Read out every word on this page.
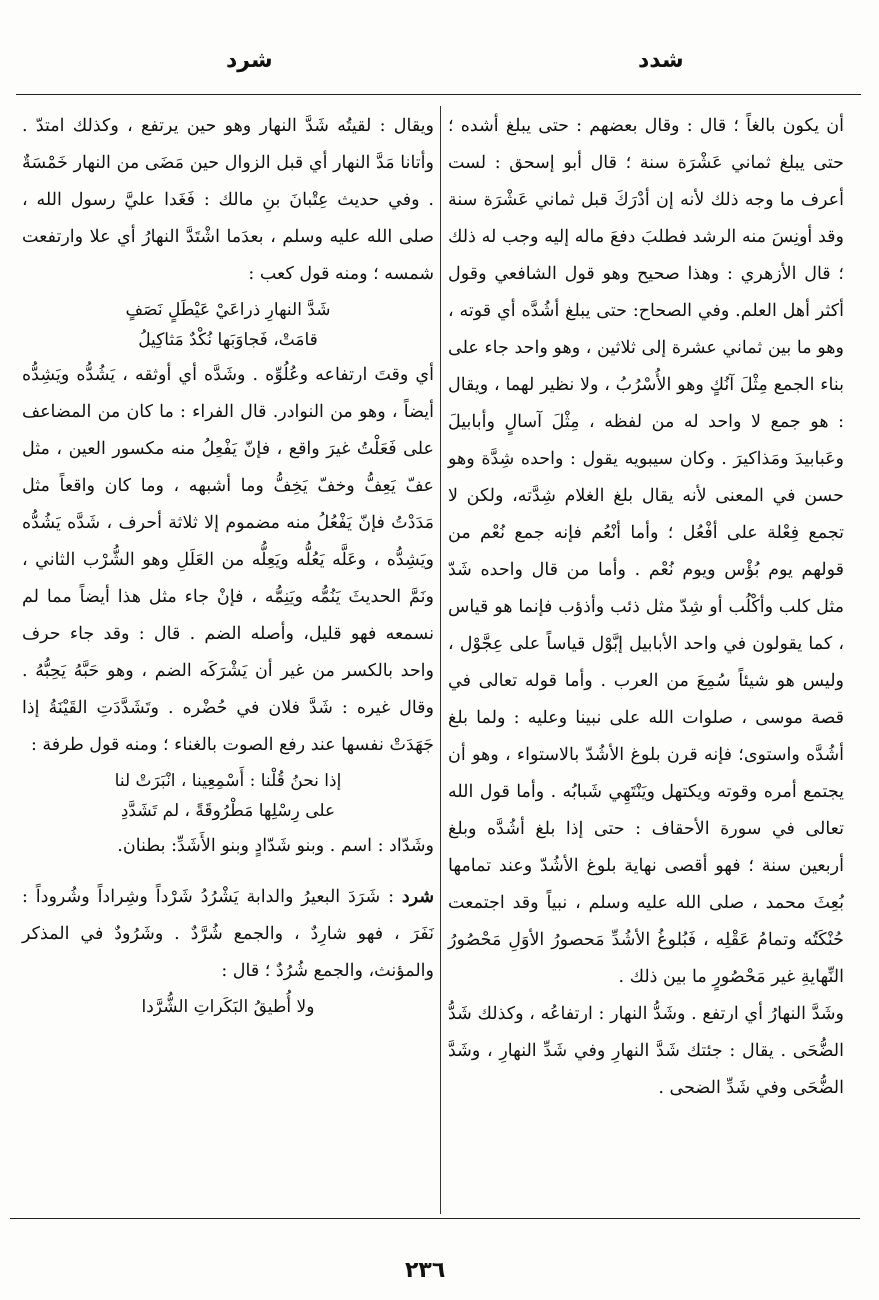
شرد	شدد

أن يكون بالغاً ؛ قال : وقال بعضهم : حتى يبلغ أشده ؛ حتى يبلغ ثماني عَشْرَة سنة ؛ قال أبو إسحق : لست أعرف ما وجه ذلك لأنه إن أدْرَكَ قبل ثماني عَشْرَة سنة وقد أونِسَ منه الرشد فطلبَ دفعَ ماله إليه وجب له ذلك ؛ قال الأزهري : وهذا صحيح وهو قول الشافعي وقول أكثر أهل العلم. وفي الصحاح: حتى يبلغ أشُدَّه أي قوته ، وهو ما بين ثماني عشرة إلى ثلاثين ، وهو واحد جاء على بناء الجمع مِثْلَ آنُكٍ وهو الأُسْرُبُ ، ولا نظير لهما ، ويقال : هو جمع لا واحد له من لفظه ، مِثْلَ آسالٍ وأبابيلَ وعَبابيدَ ومَذاكيرَ . وكان سيبويه يقول : واحده شِدَّة وهو حسن في المعنى لأنه يقال بلغ الغلام شِدَّته، ولكن لا تجمع فِعْلة على أفْعُل ؛ وأما أنْعُم فإنه جمع نُعْم من قولهم يوم بُؤْس ويوم نُعْم . وأما من قال واحده شَدّ مثل كلب وأكْلُب أو شِدّ مثل ذئب وأذؤب فإنما هو قياس ، كما يقولون في واحد الأبابيل إبَّوْل قياساً على عِجَّوْل ، وليس هو شيئاً سُمِعَ من العرب . وأما قوله تعالى في قصة موسى ، صلوات الله على نبينا وعليه : ولما بلغ أشُدَّه واستوى؛ فإنه قرن بلوغ الأشُدّ بالاستواء ، وهو أن يجتمع أمره وقوته ويكتهل ويَنْتَهِي شَبابُه . وأما قول الله تعالى في سورة الأحقاف : حتى إذا بلغ أشُدَّه وبلغ أربعين سنة ؛ فهو أقصى نهاية بلوغ الأشُدّ وعند تمامها بُعِثَ محمد ، صلى الله عليه وسلم ، نبياً وقد اجتمعت حُنْكَتُه وتمامُ عَقْلِه ، فَبُلوغُ الأشُدِّ مَحصورُ الأوَلِ مَحْصُورُ النِّهايةِ غير مَحْصُورٍ ما بين ذلك .

وشَدَّ النهارُ أي ارتفع . وشَدُّ النهار : ارتفاعُه ، وكذلك شَدُّ الضُّحَى . يقال : جئتك شَدَّ النهارِ وفي شَدِّ النهارِ ، وشَدَّ الضُّحَى وفي شَدِّ الضحى .

ويقال : لقيتُه شَدَّ النهار وهو حين يرتفع ، وكذلك امتدّ . وأتانا مَدَّ النهار أي قبل الزوال حين مَضَى من النهار خَمْسَةٌ . وفي حديث عِتْبانَ بنِ مالك : فَغَدا عليَّ رسول الله ، صلى الله عليه وسلم ، بعدَما اشْتَدَّ النهارُ أي علا وارتفعت شمسه ؛ ومنه قول كعب :

شَدَّ النهارِ ذراعَيْ عَيْطَلٍ نَصَفٍ
قامَتْ، فَجاوَبَها نُكْدٌ مَثاكِيلُ

أي وقتَ ارتفاعه وعُلُوِّه . وشَدَّه أي أوثقه ، يَشُدُّه ويَشِدُّه أيضاً ، وهو من النوادر. قال الفراء : ما كان من المضاعف على فَعَلْتُ غيرَ واقع ، فإنّ يَفْعِلُ منه مكسور العين ، مثل عفّ يَعِفُّ وخفّ يَخِفُّ وما أشبهه ، وما كان واقعاً مثل مَدَدْتُ فإنّ يَفْعُلُ منه مضموم إلا ثلاثة أحرف ، شَدَّه يَشُدُّه ويَشِدُّه ، وعَلَّه يَعُلُّه ويَعِلُّه من العَلَلِ وهو الشُّرْب الثاني ، ونَمَّ الحديثَ يَنُمُّه ويَنِمُّه ، فإنْ جاء مثل هذا أيضاً مما لم نسمعه فهو قليل، وأصله الضم . قال : وقد جاء حرف واحد بالكسر من غير أن يَشْرَكَه الضم ، وهو حَبَّهُ يَحِبُّهُ . وقال غيره : شَدَّ فلان في حُضْره . وتَشَدَّدَتِ القَيْنَةُ إذا جَهَدَتْ نفسها عند رفع الصوت بالغناء ؛ ومنه قول طرفة :

إذا نحنُ قُلْنا : أَسْمِعِينا ، انْبَرَتْ لنا
على رِسْلِها مَطْرُوقَةً ، لم تَشَدَّدِ

وشَدّاد : اسم . وبنو شَدّادٍ وبنو الأَشَدِّ: بطنان.

شرد : شَرَدَ البعيرُ والدابة يَشْرُدُ شَرْداً وشِراداً وشُروداً : نَفَرَ ، فهو شارِدٌ ، والجمع شُرَّدٌ . وشَرُودٌ في المذكر والمؤنث، والجمع شُرُدٌ ؛ قال :

ولا أُطيقُ البَكَراتِ الشُّرَّدا
٢٣٦
